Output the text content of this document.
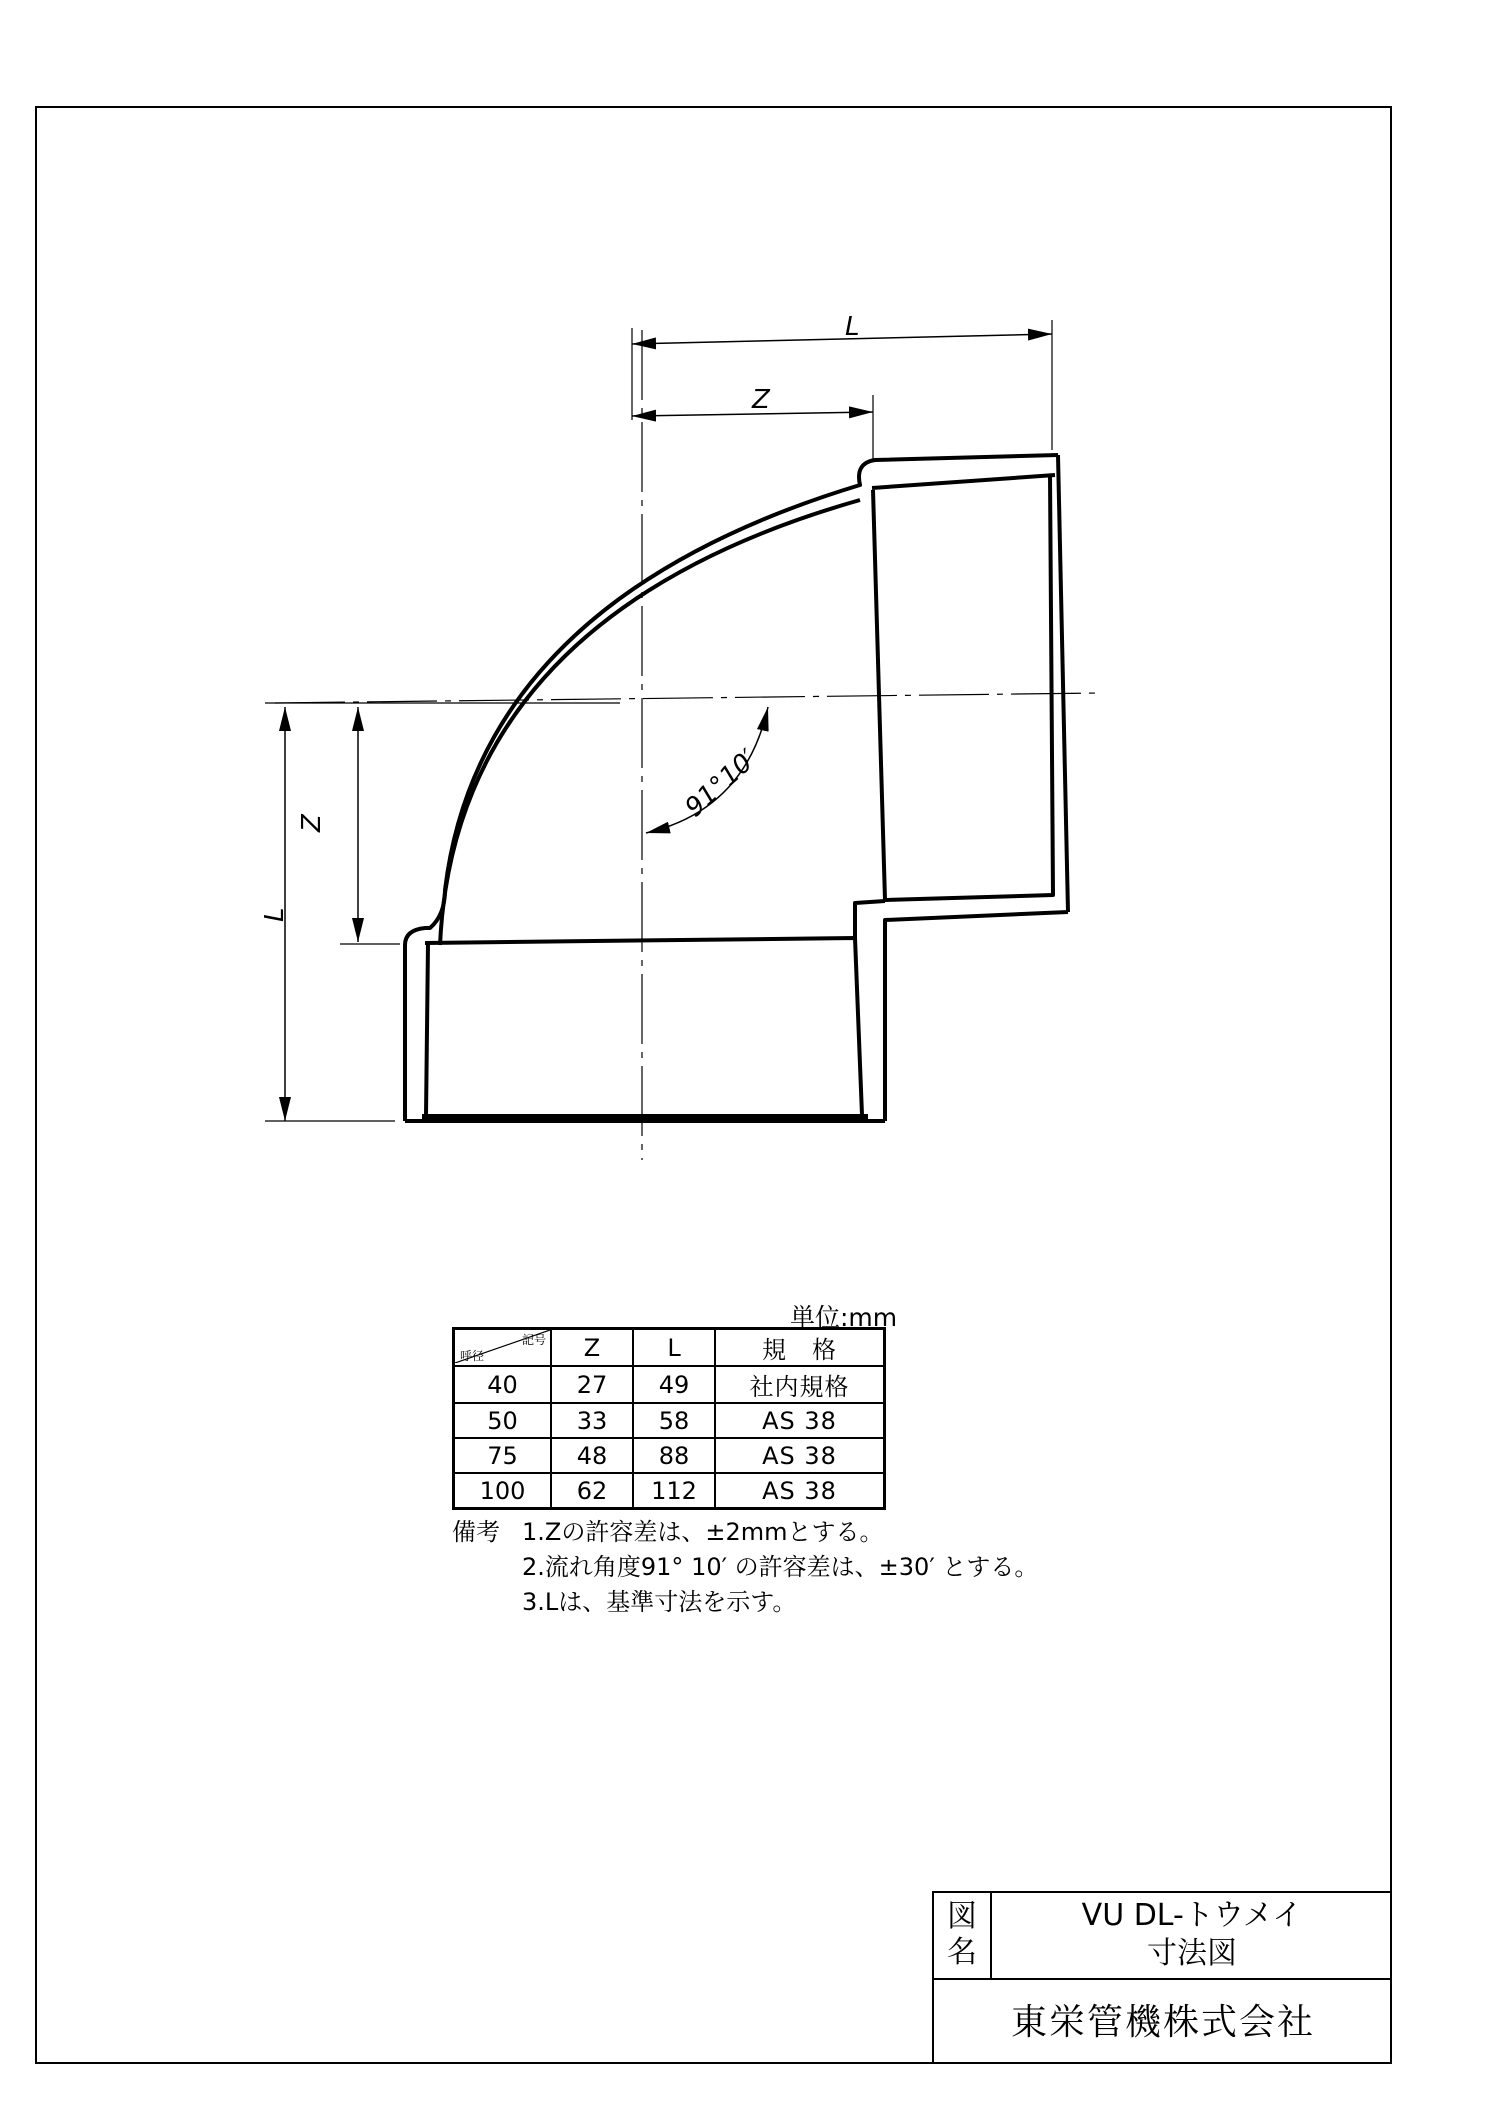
L
Z
Z
L
91°10′
単位:mm
記号
呼径	Z	L	規　格
40	27	49	社内規格
50	33	58	AS 38
75	48	88	AS 38
100	62	112	AS 38
備考 1.Zの許容差は、±2mmとする。
2.流れ角度91° 10′ の許容差は、±30′ とする。
3.Lは、基準寸法を示す。
図
名
VU DL-トウメイ
寸法図
東栄管機株式会社
